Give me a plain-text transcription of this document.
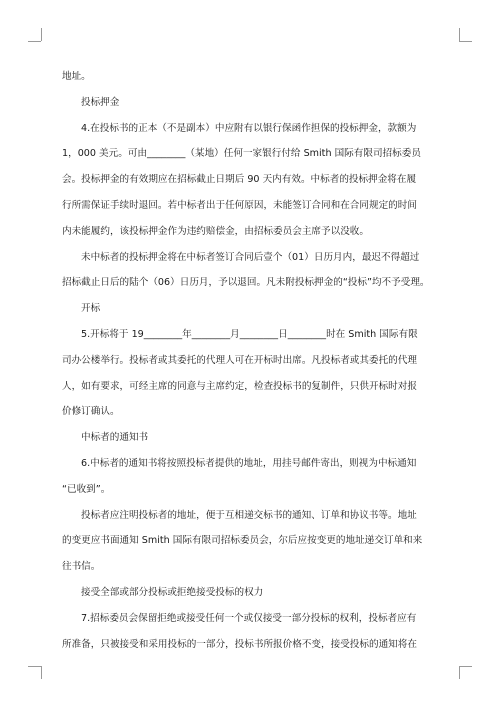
地址。
投标押金
4.在投标书的正本（不是副本）中应附有以银行保函作担保的投标押金，款额为
1，000 美元。可由________（某地）任何一家银行付给 Smith 国际有限司招标委员
会。投标押金的有效期应在招标截止日期后 90 天内有效。中标者的投标押金将在履
行所需保证手续时退回。若中标者出于任何原因，未能签订合同和在合同规定的时间
内未能履约，该投标押金作为违约赔偿金，由招标委员会主席予以没收。
未中标者的投标押金将在中标者签订合同后壹个（01）日历月内，最迟不得超过
招标截止日后的陆个（06）日历月，予以退回。凡未附投标押金的“投标”均不予受理。
开标
5.开标将于 19________年________月________日________时在 Smith 国际有限
司办公楼举行。投标者或其委托的代理人可在开标时出席。凡投标者或其委托的代理
人，如有要求，可经主席的同意与主席约定，检查投标书的复制件，只供开标时对报
价修订确认。
中标者的通知书
6.中标者的通知书将按照投标者提供的地址，用挂号邮件寄出，则视为中标通知
“已收到”。
投标者应注明投标者的地址，便于互相递交标书的通知、订单和协议书等。地址
的变更应书面通知 Smith 国际有限司招标委员会，尔后应按变更的地址递交订单和来
往书信。
接受全部或部分投标或拒绝接受投标的权力
7.招标委员会保留拒绝或接受任何一个或仅接受一部分投标的权利，投标者应有
所准备，只被接受和采用投标的一部分，投标书所报价格不变，接受投标的通知将在
